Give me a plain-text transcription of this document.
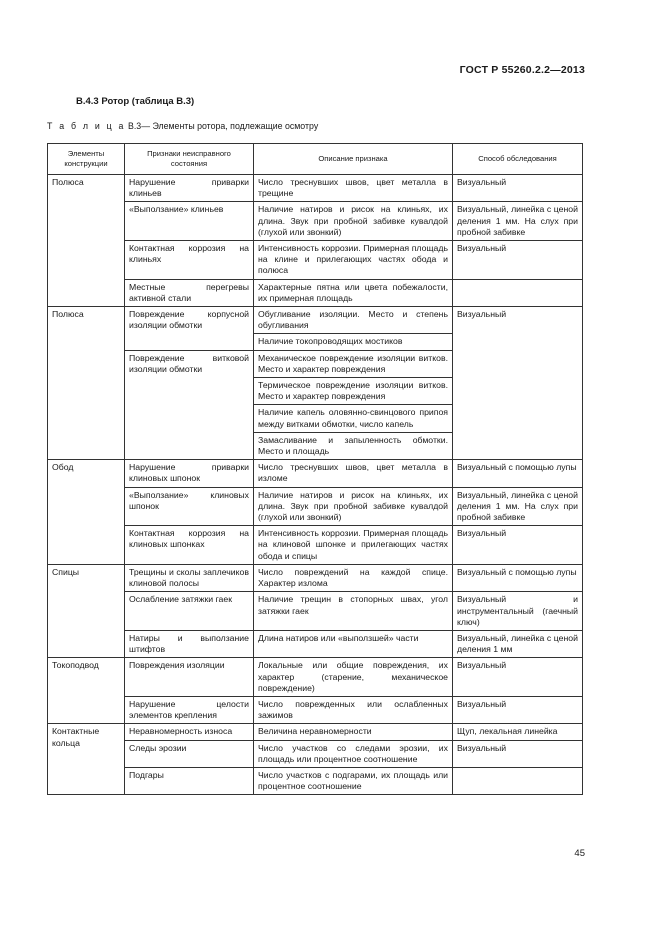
ГОСТ Р 55260.2.2—2013
В.4.3 Ротор (таблица В.3)
Т а б л и ц а В.3— Элементы ротора, подлежащие осмотру
Элементы конструкции	Признаки неисправного состояния	Описание признака	Способ обследования
Полюса	Нарушение приварки клиньев	Число треснувших швов, цвет металла в трещине	Визуальный
	«Выползание» клиньев	Наличие натиров и рисок на клиньях, их длина. Звук при пробной забивке кувалдой (глухой или звонкий)	Визуальный, линейка с ценой деления 1 мм. На слух при пробной забивке
	Контактная коррозия на клиньях	Интенсивность коррозии. Примерная площадь на клине и прилегающих частях обода и полюса	Визуальный
	Местные перегревы активной стали	Характерные пятна или цвета побежалости, их примерная площадь	
Полюса	Повреждение корпусной изоляции обмотки	Обугливание изоляции. Место и степень обугливания	Визуальный
		Наличие токопроводящих мостиков	
	Повреждение витковой изоляции обмотки	Механическое повреждение изоляции витков. Место и характер повреждения	
		Термическое повреждение изоляции витков. Место и характер повреждения	
		Наличие капель оловянно-свинцового припоя между витками обмотки, число капель	
		Замасливание и запыленность обмотки. Место и площадь	
Обод	Нарушение приварки клиновых шпонок	Число треснувших швов, цвет металла в изломе	Визуальный с помощью лупы
	«Выползание» клиновых шпонок	Наличие натиров и рисок на клиньях, их длина. Звук при пробной забивке кувалдой (глухой или звонкий)	Визуальный, линейка с ценой деления 1 мм. На слух при пробной забивке
	Контактная коррозия на клиновых шпонках	Интенсивность коррозии. Примерная площадь на клиновой шпонке и прилегающих частях обода и спицы	Визуальный
Спицы	Трещины и сколы заплечиков клиновой полосы	Число повреждений на каждой спице. Характер излома	Визуальный с помощью лупы
	Ослабление затяжки гаек	Наличие трещин в стопорных швах, угол затяжки гаек	Визуальный и инструментальный (гаечный ключ)
	Натиры и выползание штифтов	Длина натиров или «выползшей» части	Визуальный, линейка с ценой деления 1 мм
Токоподвод	Повреждения изоляции	Локальные или общие повреждения, их характер (старение, механическое повреждение)	Визуальный
	Нарушение целости элементов крепления	Число поврежденных или ослабленных зажимов	Визуальный
Контактные кольца	Неравномерность износа	Величина неравномерности	Щуп, лекальная линейка
	Следы эрозии	Число участков со следами эрозии, их площадь или процентное соотношение	Визуальный
	Подгары	Число участков с подгарами, их площадь или процентное соотношение	
45
